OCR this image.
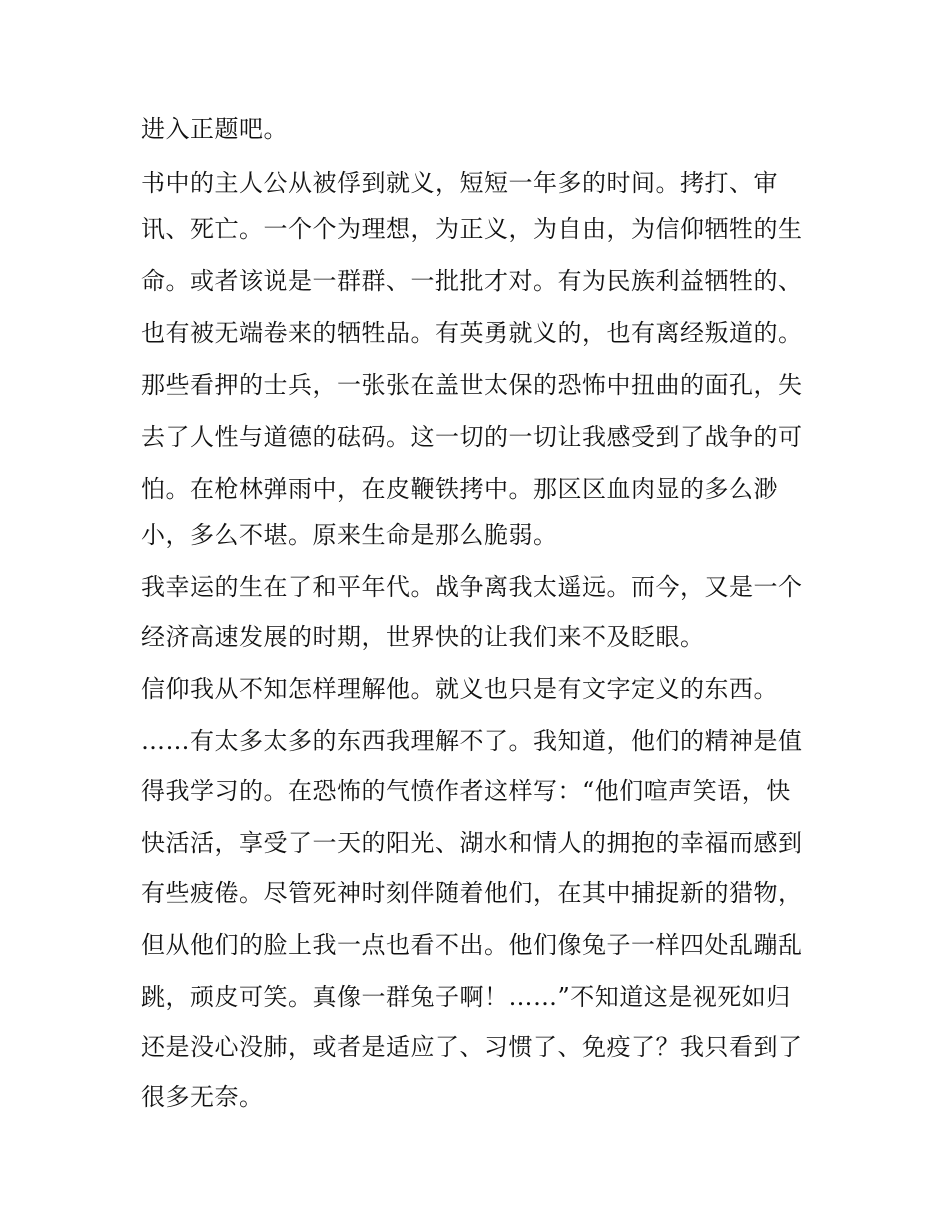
进入正题吧。
书中的主人公从被俘到就义，短短一年多的时间。拷打、审
讯、死亡。一个个为理想，为正义，为自由，为信仰牺牲的生
命。或者该说是一群群、一批批才对。有为民族利益牺牲的、
也有被无端卷来的牺牲品。有英勇就义的，也有离经叛道的。
那些看押的士兵，一张张在盖世太保的恐怖中扭曲的面孔，失
去了人性与道德的砝码。这一切的一切让我感受到了战争的可
怕。在枪林弹雨中，在皮鞭铁拷中。那区区血肉显的多么渺
小，多么不堪。原来生命是那么脆弱。
我幸运的生在了和平年代。战争离我太遥远。而今，又是一个
经济高速发展的时期，世界快的让我们来不及眨眼。
信仰我从不知怎样理解他。就义也只是有文字定义的东西。
……有太多太多的东西我理解不了。我知道，他们的精神是值
得我学习的。在恐怖的气愤作者这样写：“他们喧声笑语，快
快活活，享受了一天的阳光、湖水和情人的拥抱的幸福而感到
有些疲倦。尽管死神时刻伴随着他们，在其中捕捉新的猎物，
但从他们的脸上我一点也看不出。他们像兔子一样四处乱蹦乱
跳，顽皮可笑。真像一群兔子啊！……”不知道这是视死如归
还是没心没肺，或者是适应了、习惯了、免疫了？我只看到了
很多无奈。
